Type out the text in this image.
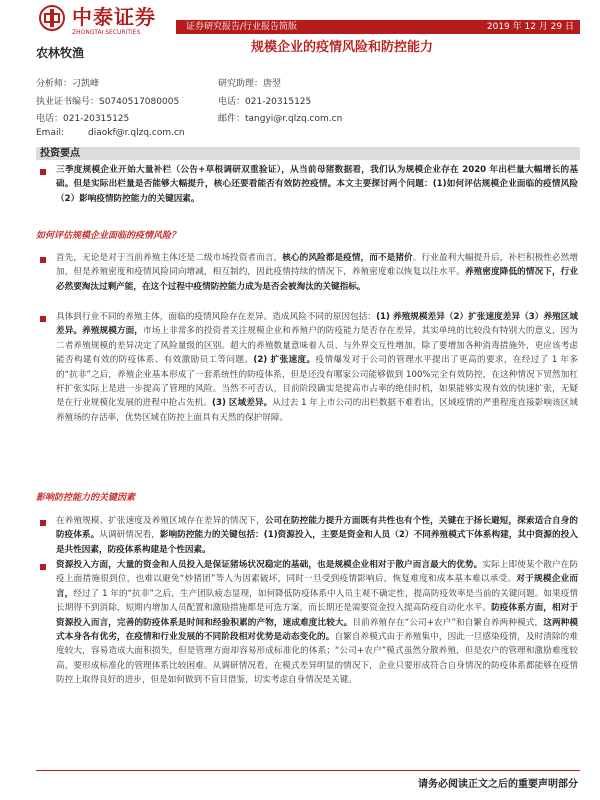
中泰证券
ZHONGTAI SECURITIES
证券研究报告/行业报告简版	2019 年 12 月 29 日
农林牧渔	规模企业的疫情风险和防控能力
分析师：刁凯峰
执业证书编号：S0740517080005
电话：021-20315125
Email:	diaokf@r.qlzq.com.cn
研究助理：唐翌
电话：021-20315125
邮件：tangyi@r.qlzq.com.cn
投资要点
三季度规模企业开始大量补栏（公告+草根调研双重验证），从当前母猪数据看，我们认为规模企业存在 2020 年出栏量大幅增长的基础。但是实际出栏量是否能够大幅提升，核心还要看能否有效防控疫情。本文主要探讨两个问题：(1)如何评估规模企业面临的疫情风险（2）影响疫情防控能力的关键因素。
如何评估规模企业面临的疫情风险？
首先，无论是对于当前养殖主体还是二级市场投资者而言，核心的风险都是疫情，而不是猪价。行业盈利大幅提升后，补栏积极性必然增加，但是养殖密度和疫情风险同向增减，相互制约，因此疫情持续的情况下，养殖密度难以恢复以往水平。养殖密度降低的情况下，行业必然要淘汰过剩产能，在这个过程中疫情防控能力成为是否会被淘汰的关键指标。
具体到行业不同的养殖主体，面临的疫情风险存在差异。造成风险不同的原因包括：(1) 养殖规模差异（2）扩张速度差异（3）养殖区域差异。养殖规模方面，市场上非常多的投资者关注规模企业和养殖户的防疫能力是否存在差异，其实单纯的比较没有特别大的意义，因为二者养殖规模的差异决定了风险量级的区别。超大的养殖数量意味着人员、与外界交互性增加，除了要增加各种消毒措施外，更应该考虑能否构建有效的防疫体系、有效激励员工等问题。(2) 扩张速度。疫情爆发对于公司的管理水平提出了更高的要求，在经过了 1 年多的“抗非”之后，养殖企业基本形成了一套系统性的防疫体系，但是还没有哪家公司能够做到 100%完全有效防控，在这种情况下贸然加杠杆扩张实际上是进一步提高了管理的风险。当然不可否认，目前阶段确实是提高市占率的绝佳时机，如果能够实现有效的快速扩张，无疑是在行业规模化发展的进程中抢占先机。(3) 区域差异。从过去 1 年上市公司的出栏数据不难看出，区域疫情的严重程度直接影响该区域养殖场的存活率，优势区域在防控上面具有天然的保护屏障。
影响防控能力的关键因素
在养殖规模、扩张速度及养殖区域存在差异的情况下，公司在防控能力提升方面既有共性也有个性，关键在于扬长避短，探索适合自身的防疫体系。从调研情况看，影响防控能力的关键包括：(1)资源投入，主要是资金和人员（2）不同养殖模式下体系构建，其中资源的投入是共性因素，防疫体系构建是个性因素。
资源投入方面，大量的资金和人员投入是保证猪场状况稳定的基础，也是规模企业相对于散户而言最大的优势。实际上即使某个散户在防疫上面措施很到位，也难以避免“炒猪团”等人为因素破坏，同时一旦受到疫情影响后，恢复难度和成本基本难以承受。对于规模企业而言，经过了 1 年的“抗非”之后，生产团队疲态显现，如何降低防疫体系中人员主观不确定性，提高防疫效率是当前的关键问题。如果疫情长期得不到消除，短期内增加人员配置和激励措施都是可选方案，而长期还是需要资金投入提高防疫自动化水平。防疫体系方面，相对于资源投入而言，完善的防疫体系是时间和经验积累的产物，速成难度比较大。目前养殖存在“公司+农户”和自繁自养两种模式，这两种模式本身各有优劣，在疫情和行业发展的不同阶段相对优势是动态变化的。自繁自养模式由于养殖集中，因此一旦感染疫情，及时清除的难度较大，容易造成大面积损失，但是管理方面却容易形成标准化的体系；“公司+农户”模式虽然分散养殖，但是农户的管理和激励难度较高，要形成标准化的管理体系比较困难。从调研情况看，在模式差异明显的情况下，企业只要形成符合自身情况的防疫体系都能够在疫情防控上取得良好的进步，但是如何做到不盲目借鉴，切实考虑自身情况是关键。
请务必阅读正文之后的重要声明部分
